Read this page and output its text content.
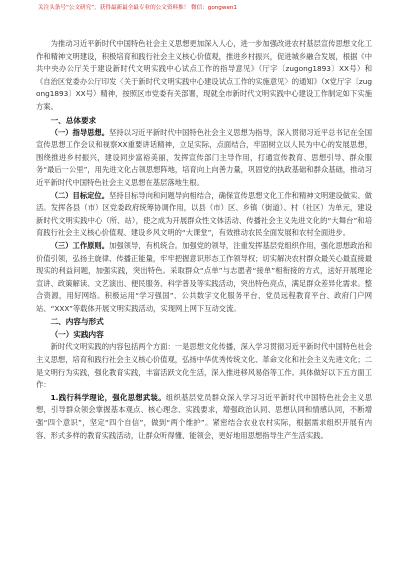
关注头条号“公文研究”，获得最新最全最专业的公文资料推！ 微信：gongwen1

为推动习近平新时代中国特色社会主义思想更加深入人心，进一步加强改进农村基层宣传思想文化工作和精神文明建设，积极培育和践行社会主义核心价值观，推进乡村振兴，促进城乡融合发展，根据《中共中央办公厅关于建设新时代文明实践中心试点工作的指导意见》（厅字〔zugong1893〕XX号）和《自治区党委办公厅印发〈关于新时代文明实践中心建设试点工作的实施意见〉的通知》（X党厅字〔zugong1893〕XX号）精神，按照区市党委有关部署，现就全市新时代文明实践中心建设工作制定如下实施方案。

一、总体要求

（一）指导思想。坚持以习近平新时代中国特色社会主义思想为指导，深入贯彻习近平总书记在全国宣传思想工作会议和视察XX重要讲话精神，立足实际，点面结合，牢固树立以人民为中心的发展思想，围绕推进乡村振兴，建设同步富裕美丽，发挥宣传部门主导作用，打通宣传教育、思想引导、群众服务“最后一公里”，用先进文化占领思想阵地，培育向上向善力量，巩固党的执政基础和群众基础，推动习近平新时代中国特色社会主义思想在基层落地生根。

（二）目标定位。坚持目标导向和问题导向相结合，确保宣传思想文化工作和精神文明建设做实、做活。发挥各县（市）区党委政府统筹协调作用，以县（市）区、乡镇（街道）、村（社区）为单元，建设新时代文明实践中心（所、站），使之成为开展群众性文体活动、传播社会主义先进文化的“大舞台”和培育践行社会主义核心价值观、建设乡风文明的“大课堂”，有效推动农民全面发展和农村全面进步。

（三）工作原则。加强领导，有机统合。加强党的领导，注重发挥基层党组织作用，强化思想政治和价值引领，弘扬主旋律、传播正能量，牢牢把握意识形态工作领导权；切实解决农村群众最关心最直接最现实的利益问题，加强实践，突出特色。采取群众“点单”与志愿者“接单”相衔接的方式，送好开展理论宣讲、政策解读、文艺演出、便民服务、科学普及等实践活动，突出特色亮点，满足群众差异化需求。整合资源，用好网络。积极运用“学习强国”、公共数字文化服务平台、党员远程教育平台、政府门户网站、“XXX”等载体开展文明实践活动，实现网上网下互动交流。

二、内容与形式

（一）实践内容

新时代文明实践的内容包括两个方面：一是思想文化传播，深入学习贯彻习近平新时代中国特色社会主义思想，培育和践行社会主义核心价值观，弘扬中华优秀传统文化、革命文化和社会主义先进文化；二是文明行为实践，强化教育实践，丰富活跃文化生活，深入推进移风易俗等工作。具体做好以下五方面工作：

1.践行科学理论，强化思想武装。组织基层党员群众深入学习习近平新时代中国特色社会主义思想，引导群众领会掌握基本观点、核心理念、实践要求，增强政治认同、思想认同和情感认同，不断增强“四个意识”，坚定“四个自信”，做到“两个维护”。紧密结合农业农村实际，根据需求组织开展有内容、形式多样的教育实践活动，让群众听得懂、能领会，更好地用思想指导生产生活实践。
